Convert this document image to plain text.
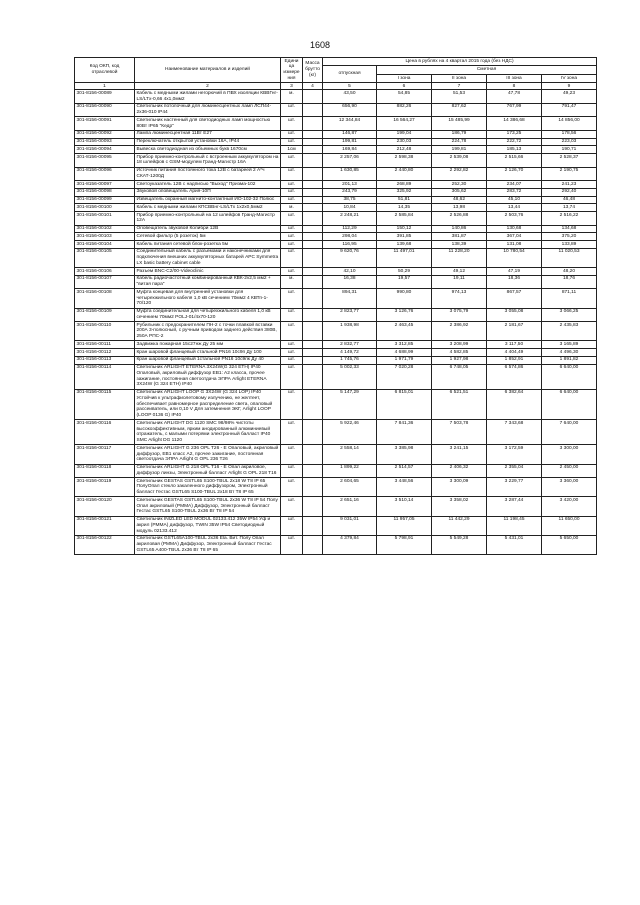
1608
Код ОКП, код отраслевой	Наименование материалов и изделий	Едини ца измере ния	Масса брутто (кг)	Цена в рублях на 4 квартал 2015 года (без НДС)				
				отпускная	Сметная			
					I зона	II зона	III зона	IV зона
1	2	3	4	5	6	7	8	9
301-8156-00089	Кабель с медными жилами негорючий в ПВХ изоляции КВВГнг-LS/LTx-0,66 4х1,0мм2	м.		43,50	54,85	51,53	47,78	49,23
301-8156-00090	Светильник потолочный для люминесцентных ламп ЛСП44-2х36-010 IP44	шт.		656,90	882,26	827,62	767,99	791,47
301-8156-00091	Светильник настенный для светодиодных ламп мощностью 80Вт IP65 "Кедр"	шт.		12 344,84	16 564,27	15 485,99	14 386,68	14 856,00
301-8156-00092	Лампа люминесцентная 11Вт E27	шт.		146,87	199,04	186,79	173,25	178,56
301-8156-00093	Переключатель открытой установки 16А, IP44	шт.		199,81	230,03	224,78	222,72	223,03
301-8156-00094	Вывеска светодиодная из объемных букв 1670см	1см		169,84	212,48	199,81	185,13	190,71
301-8156-00095	Прибор приемно-контрольный с встроенным аккумулятором на 18 шлейфов с GSM-модулем Гранд-Магистр 16А	шт.		2 257,06	2 598,38	2 539,08	2 515,66	2 528,37
301-8156-00096	Источник питания постоянного тока 12В с батареей 2 А*ч СКАТ-1200Д	шт.		1 630,85	2 440,80	2 292,82	2 126,70	2 190,75
301-8156-00097	Светоуказатель 12В с надписью "Выход" Призма-102	шт.		201,13	268,89	252,30	234,07	241,23
301-8156-00098	Звуковой оповещатель Ария-10П	шт.		243,79	325,92	305,62	283,72	292,40
301-8156-00099	Извещатель охранный магнито-контактный ИО-102-32 Полюс	шт.		38,75	51,81	48,62	45,10	46,48
301-8156-00100	Кабель с медными жилами КПСВВнг-LS/LTx 1х2х0,5мм2	м.		10,84	14,35	13,98	13,44	13,74
301-8156-00101	Прибор приемно-контрольный на 12 шлейфов Гранд-Магистр 12А	шт.		2 248,21	2 585,84	2 526,88	2 503,76	2 516,22
301-8156-00102	Оповещатель звуковой Колибри 12В	шт.		112,29	150,12	140,86	130,68	134,68
301-8156-00103	Сетевой фильтр (5 розеток) 5м	шт.		298,04	391,85	381,87	367,04	375,20
301-8156-00104	Кабель питания сетевой блок-розетка 5м	шт.		116,95	139,68	138,39	131,08	133,89
301-8156-00105	Соединительный кабель с разъемами и наконечниками для подключения внешних аккумуляторных батарей APC Symmetra LX basic battery cabinet cable	шт.		9 620,76	11 497,01	11 228,20	10 780,54	11 020,53
301-8156-00106	Разъем BNC-C2/00-Videoclinic	шт.		42,10	50,29	49,12	47,19	48,20
301-8156-00107	Кабель радиочастотный комбинированный КВК-2v2,5 мм2 + "витая пара"	м.		16,38	19,57	19,11	18,36	18,76
301-8156-00108	Муфта концевая для внутренней установки для четырехжильного кабеля 1,0 кВ сечением 70мм2 4 КВТп-1-70/120	шт.		894,31	990,80	974,13	867,57	871,11
301-8156-00109	Муфта соединительная для четырехжильного кабеля 1,0 кВ сечением 70мм2 POLJ-01/4х70-120	шт.		2 823,77	3 126,76	3 075,79	3 055,08	3 066,25
301-8156-00110	Рубильник с предохранителем ПН-2 с точки плавкой вставки 200А 3-полюсный, с ручным приводом заднего действия 380В, 250А РПС-2	шт.		1 938,98	2 463,45	2 386,92	2 181,67	2 435,83
301-8156-00111	Задвижка пожарная 15с27нж Ду 25 мм	шт.		2 832,77	3 312,85	3 208,99	3 117,50	3 165,89
301-8156-00112	Кран шаровой фланцевый стальной PN16 10с9п Ду 100	шт.		4 149,72	4 688,99	4 582,85	4 404,49	4 496,30
301-8156-00113	Кран шаровой фланцевый 1стальной PN16 10с9пк Ду 40	шт.		1 745,76	1 971,79	1 927,98	1 852,91	1 891,82
301-8156-00114	Светильник ARLIGHT ETERNA 3X24W(G 324 ETH) IP40 Опаловый, акриловый диффузор EB1: A2 класса, прочее зажигание, постоянная светоотдача ЭПРА Arlight ETERNA 3X24W (G 324 ETH) IP40	шт.		5 002,33	7 020,28	6 748,05	6 574,86	6 640,00
301-8156-00115	Светильник ARLIGHT LOOP G 3X24W (G 324 LOP) IP40 Устойчив к ультрафиолетовому излучению, не желтеет, обеспечивает равномерное распределение света, опаловый рассеиватель, или 0,10 V Для затемнения ЭКГ, Arlight LOOP (LOOP 0136 G) IP40	шт.		5 147,29	6 815,01	6 521,51	6 382,64	6 640,00
301-8156-00116	Светильник ARLIGHT DG 1120 SMC 98/98% чистоты высокоэффективным, ярким анодированный алюминиевый отражатель, с малыми потерями электронный балласт IP40 SMC Arlight DG 1120	шт.		5 922,46	7 841,36	7 503,78	7 343,68	7 640,00
301-8156-00117	Светильник ARLIGHT G 236 OPL T26 - E Опаловый, акриловый диффузор, EB1 класс А2, прочее зажигание, постоянная светоотдача ЭПРА Arlight G OPL 236 T26	шт.		2 558,14	3 385,98	3 241,15	3 172,59	3 300,00
301-8156-00118	Светильник ARLIGHT G 218 OPL T16 - E Опал акриловое, диффузор линзы, Электронный балласт Arlight G OPL 218 T16	шт.		1 899,22	2 514,57	2 406,32	2 355,04	2 450,00
301-8156-00119	Светильник GESTAS GSTL65 S100-TBUL 2x18 W T8 IP 65 ПолуОпал стекло закаленного диффузором, Электронный балласт Гестас GSTL65 S100-TBUL 2x18 Вт T8 IP 65	шт.		2 604,65	3 448,56	3 300,09	3 229,77	3 360,00
301-8156-00120	Светильник GESTAS GSTL65 S100-TBUL 2x36 W T8 IP 54 Полу Опал акриловый (PMMA) Диффузор, Электронный балласт Гестас GSTL65 S100-TBUL 2x36 Вт T8 IP 54	шт.		2 651,16	3 510,14	3 358,02	3 287,44	3 420,00
301-8156-00121	Светильник INIZLED LED MODUL 02133.412 35W IP54 Уф и акрил (PMMA) диффузор, TWIN 35W IP54 Светодиодный модуль 02133.412	шт.		9 031,01	11 957,05	11 442,29	11 198,45	11 650,00
301-8156-00122	Светильник GSTL65A100-TBUL 2x36 Ela. Вит. Полу Опал акриловая (PMMA) Диффузор, Электронный балласт Гестас GSTL65 A400-TBUL 2x36 Вт T8 IP 65	шт.		4 379,84	5 798,91	5 549,28	5 431,01	5 650,00
